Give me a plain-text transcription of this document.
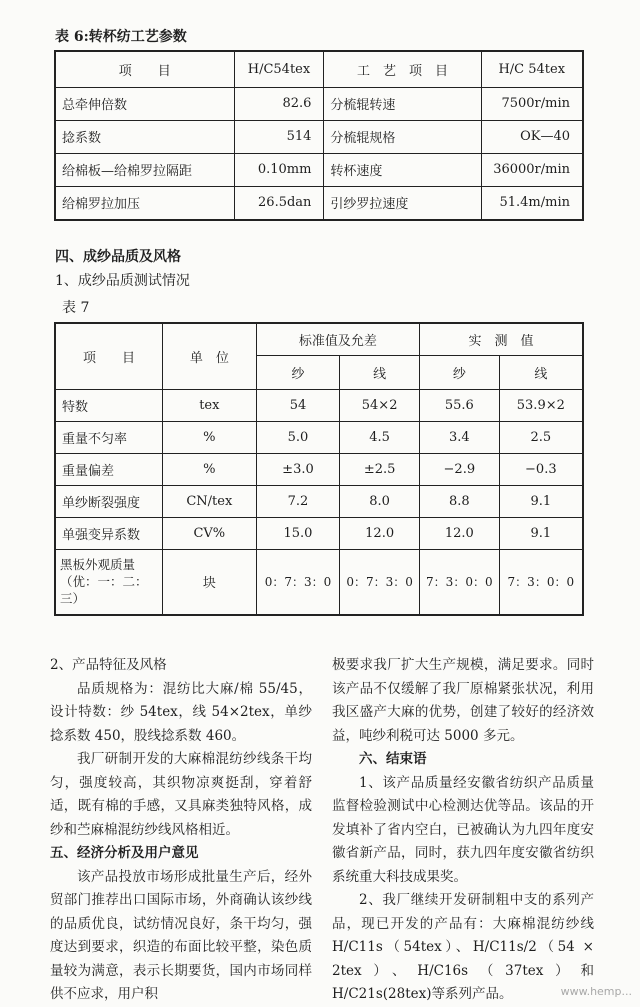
表 6:转杯纺工艺参数
项　　目	H/C54tex	工　艺　项　目	H/C 54tex
总牵伸倍数	82.6	分梳辊转速	7500r/min
捻系数	514	分梳辊规格	OK—40
给棉板—给棉罗拉隔距	0.10mm	转杯速度	36000r/min
给棉罗拉加压	26.5dan	引纱罗拉速度	51.4m/min
四、成纱品质及风格
1、成纱品质测试情况
表 7
项　　目	单　位	标准值及允差		实　测　值	
		纱	线	纱	线
特数	tex	54	54×2	55.6	53.9×2
重量不匀率	%	5.0	4.5	3.4	2.5
重量偏差	%	±3.0	±2.5	−2.9	−0.3
单纱断裂强度	CN/tex	7.2	8.0	8.8	9.1
单强变异系数	CV%	15.0	12.0	12.0	9.1
黑板外观质量（优：一：二：三）	块	0：7：3：0	0：7：3：0	7：3：0：0	7：3：0：0

2、产品特征及风格

品质规格为：混纺比大麻/棉 55/45，设计特数：纱 54tex，线 54×2tex，单纱捻系数 450，股线捻系数 460。

我厂研制开发的大麻棉混纺纱线条干均匀，强度较高，其织物凉爽挺刮，穿着舒适，既有棉的手感，又具麻类独特风格，成纱和苎麻棉混纺纱线风格相近。

五、经济分析及用户意见

该产品投放市场形成批量生产后，经外贸部门推荐出口国际市场，外商确认该纱线的品质优良，试纺情况良好，条干均匀，强度达到要求，织造的布面比较平整，染色质量较为满意，表示长期要货，国内市场同样供不应求，用户积

极要求我厂扩大生产规模，满足要求。同时该产品不仅缓解了我厂原棉紧张状况，利用我区盛产大麻的优势，创建了较好的经济效益，吨纱利税可达 5000 多元。

六、结束语

1、该产品质量经安徽省纺织产品质量监督检验测试中心检测达优等品。该品的开发填补了省内空白，已被确认为九四年度安徽省新产品，同时，获九四年度安徽省纺织系统重大科技成果奖。

2、我厂继续开发研制粗中支的系列产品，现已开发的产品有：大麻棉混纺纱线 H/C11s（54tex）、H/C11s/2（54 × 2tex）、H/C16s（37tex）和 H/C21s(28tex)等系列产品。	www.hemp...
